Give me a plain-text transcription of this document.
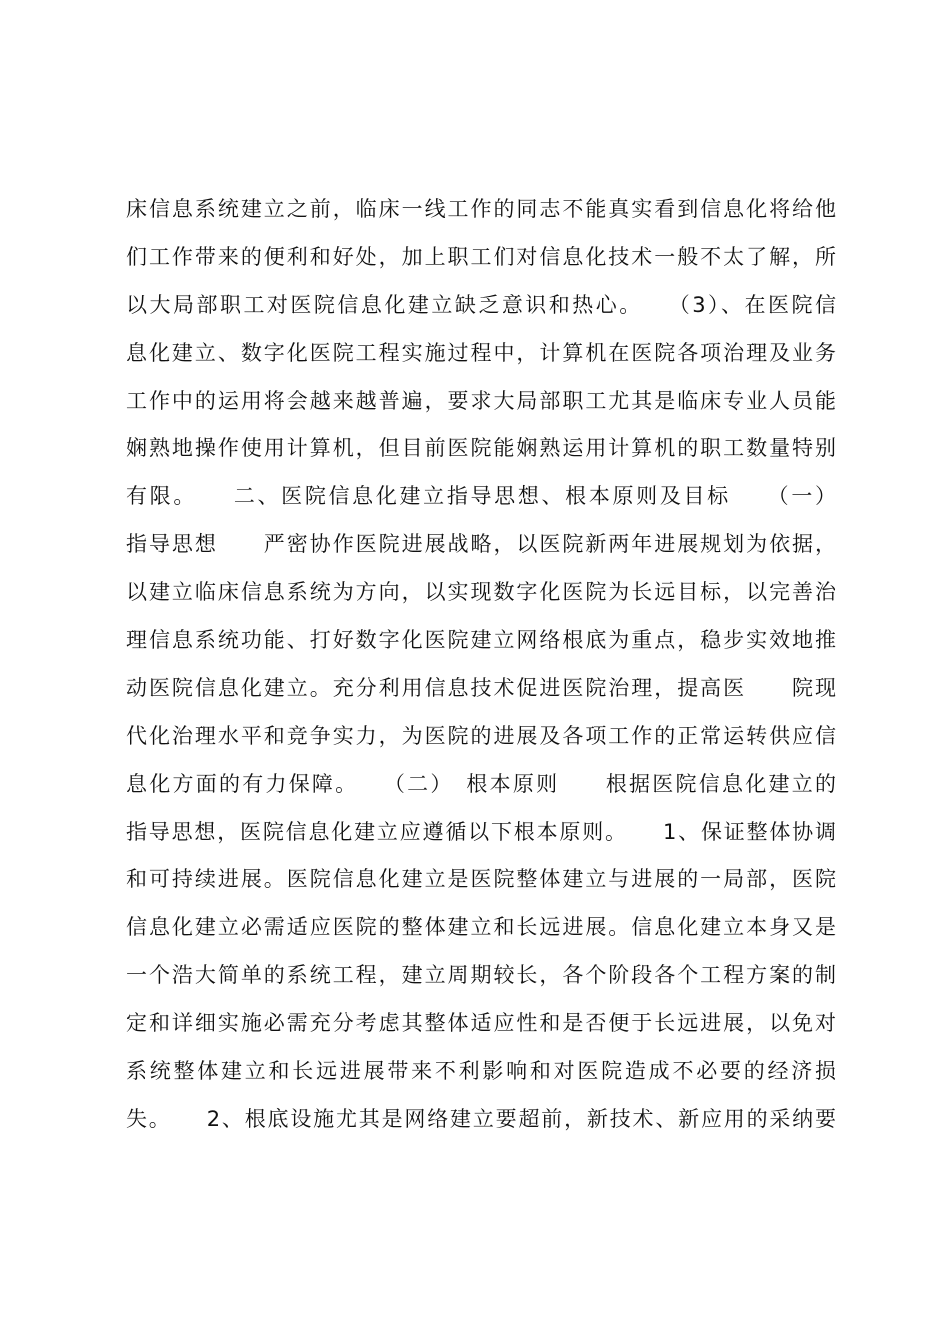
床信息系统建立之前，临床一线工作的同志不能真实看到信息化将给他
们工作带来的便利和好处，加上职工们对信息化技术一般不太了解，所
以大局部职工对医院信息化建立缺乏意识和热心。　　（3）、在医院信
息化建立、数字化医院工程实施过程中，计算机在医院各项治理及业务
工作中的运用将会越来越普遍，要求大局部职工尤其是临床专业人员能
娴熟地操作使用计算机，但目前医院能娴熟运用计算机的职工数量特别
有限。　　二、医院信息化建立指导思想、根本原则及目标　　（一）
指导思想　　严密协作医院进展战略，以医院新两年进展规划为依据，
以建立临床信息系统为方向，以实现数字化医院为长远目标，以完善治
理信息系统功能、打好数字化医院建立网络根底为重点，稳步实效地推
动医院信息化建立。充分利用信息技术促进医院治理，提高医　　院现
代化治理水平和竞争实力，为医院的进展及各项工作的正常运转供应信
息化方面的有力保障。　　（二）　根本原则　　根据医院信息化建立的
指导思想，医院信息化建立应遵循以下根本原则。　　1、保证整体协调
和可持续进展。医院信息化建立是医院整体建立与进展的一局部，医院
信息化建立必需适应医院的整体建立和长远进展。信息化建立本身又是
一个浩大简单的系统工程，建立周期较长，各个阶段各个工程方案的制
定和详细实施必需充分考虑其整体适应性和是否便于长远进展，以免对
系统整体建立和长远进展带来不利影响和对医院造成不必要的经济损
失。　　2、根底设施尤其是网络建立要超前，新技术、新应用的采纳要
